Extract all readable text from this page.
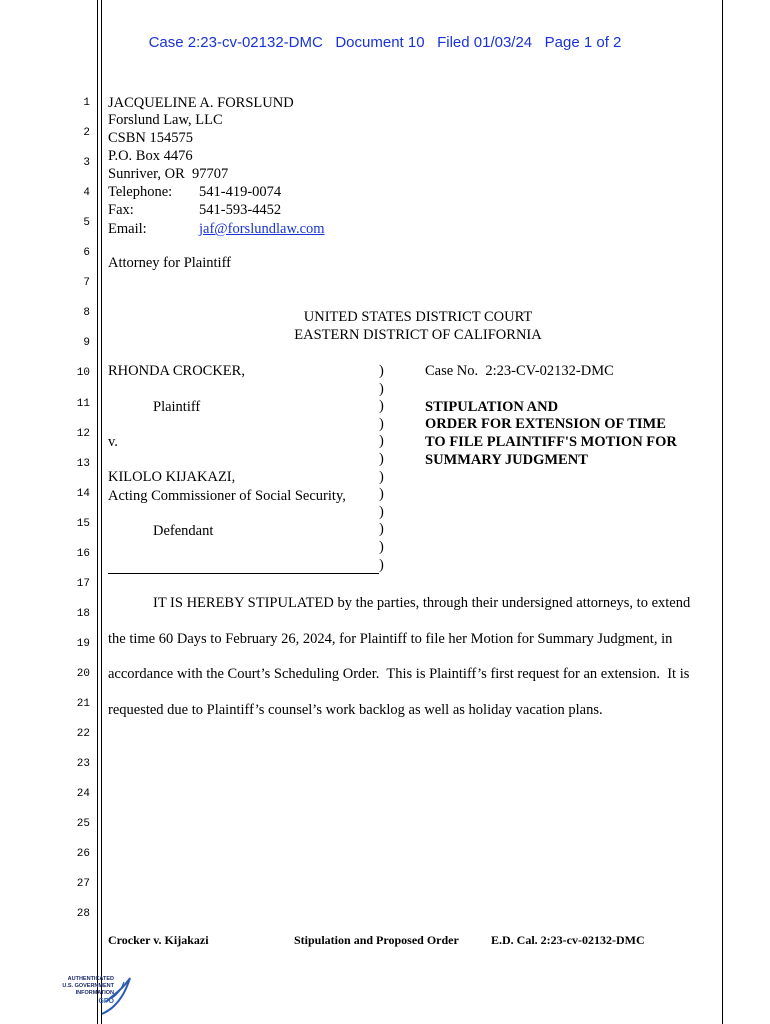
Case 2:23-cv-02132-DMC Document 10 Filed 01/03/24 Page 1 of 2
1
2
3
4
5
6
7
8
9
10
11
12
13
14
15
16
17
18
19
20
21
22
23
24
25
26
27
28
JACQUELINE A. FORSLUND
Forslund Law, LLC
CSBN 154575
P.O. Box 4476
Sunriver, OR  97707
Telephone: 541-419-0074
Fax:	541-593-4452
Email:	jaf@forslundlaw.com
Attorney for Plaintiff
UNITED STATES DISTRICT COURT
EASTERN DISTRICT OF CALIFORNIA
RHONDA CROCKER,
Plaintiff
v.
KILOLO KIJAKAZI,
Acting Commissioner of Social Security,
Defendant
)
)
)
)
)
)
)
)
)
)
)
)
Case No.  2:23-CV-02132-DMC
STIPULATION AND
ORDER FOR EXTENSION OF TIME
TO FILE PLAINTIFF'S MOTION FOR
SUMMARY JUDGMENT
IT IS HEREBY STIPULATED by the parties, through their undersigned attorneys, to extend
the time 60 Days to February 26, 2024, for Plaintiff to file her Motion for Summary Judgment, in
accordance with the Court’s Scheduling Order.  This is Plaintiff’s first request for an extension.  It is
requested due to Plaintiff’s counsel’s work backlog as well as holiday vacation plans.
Crocker v. Kijakazi	Stipulation and Proposed Order	E.D. Cal. 2:23-cv-02132-DMC
AUTHENTICATED
U.S. GOVERNMENT
INFORMATION
GPO
